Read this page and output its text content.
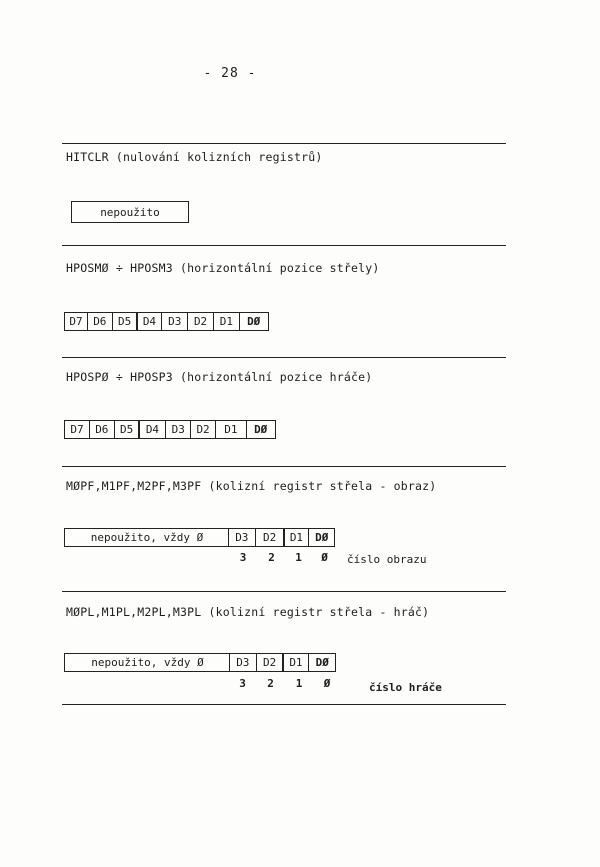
- 28 -
HITCLR (nulování kolizních registrů)
nepoužito
HPOSMØ ÷ HPOSM3 (horizontální pozice střely)
D7 D6	D5	D4	D3	D2	D1	DØ
HPOSPØ ÷ HPOSP3 (horizontální pozice hráče)
D7	D6	D5	D4	D3	D2	D1	DØ
MØPF,M1PF,M2PF,M3PF (kolizní registr střela - obraz)
nepoužito, vždy Ø	D3	D2	D1	DØ
3	2	1	Ø	číslo obrazu
MØPL,M1PL,M2PL,M3PL (kolizní registr střela - hráč)
nepoužito, vždy Ø	D3	D2	D1	DØ
3	2	1	Ø	číslo hráče
